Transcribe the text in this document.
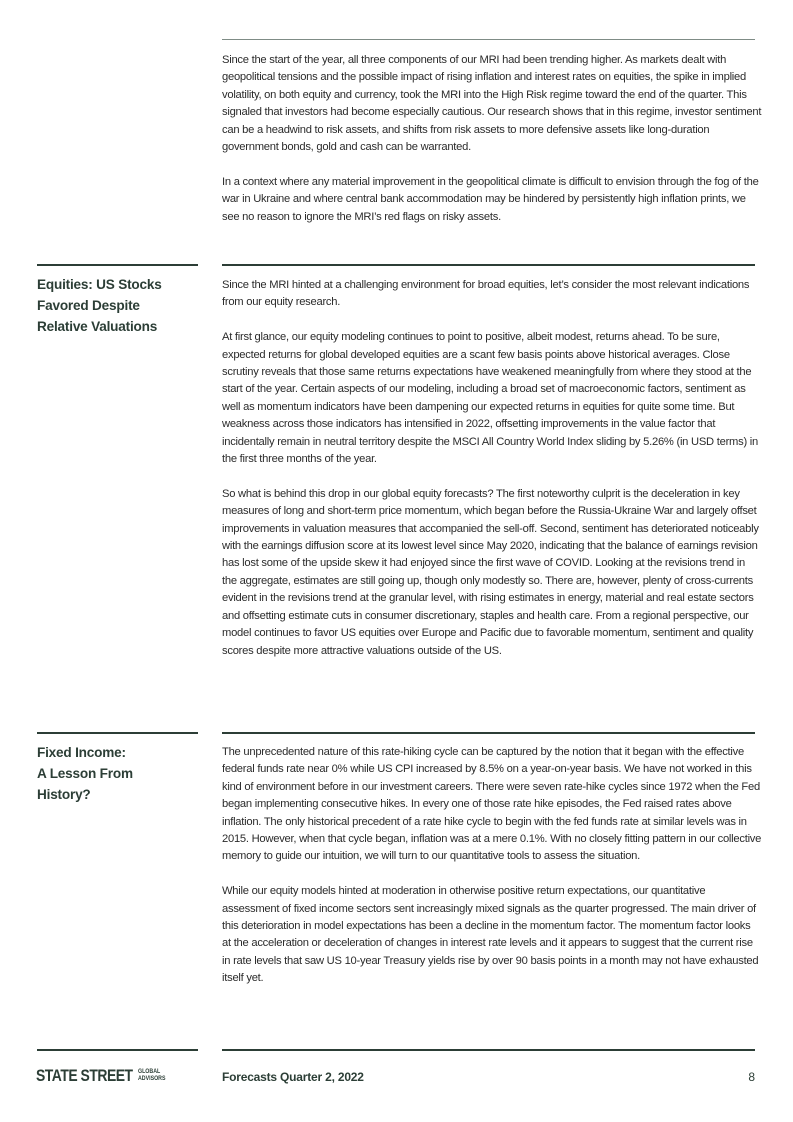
Since the start of the year, all three components of our MRI had been trending higher. As markets dealt with geopolitical tensions and the possible impact of rising inflation and interest rates on equities, the spike in implied volatility, on both equity and currency, took the MRI into the High Risk regime toward the end of the quarter. This signaled that investors had become especially cautious. Our research shows that in this regime, investor sentiment can be a headwind to risk assets, and shifts from risk assets to more defensive assets like long-duration government bonds, gold and cash can be warranted.

In a context where any material improvement in the geopolitical climate is difficult to envision through the fog of the war in Ukraine and where central bank accommodation may be hindered by persistently high inflation prints, we see no reason to ignore the MRI’s red flags on risky assets.

Equities: US Stocks
Favored Despite
Relative Valuations

Since the MRI hinted at a challenging environment for broad equities, let’s consider the most relevant indications from our equity research.

At first glance, our equity modeling continues to point to positive, albeit modest, returns ahead. To be sure, expected returns for global developed equities are a scant few basis points above historical averages. Close scrutiny reveals that those same returns expectations have weakened meaningfully from where they stood at the start of the year. Certain aspects of our modeling, including a broad set of macroeconomic factors, sentiment as well as momentum indicators have been dampening our expected returns in equities for quite some time. But weakness across those indicators has intensified in 2022, offsetting improvements in the value factor that incidentally remain in neutral territory despite the MSCI All Country World Index sliding by 5.26% (in USD terms) in the first three months of the year.

So what is behind this drop in our global equity forecasts? The first noteworthy culprit is the deceleration in key measures of long and short-term price momentum, which began before the Russia-Ukraine War and largely offset improvements in valuation measures that accompanied the sell-off. Second, sentiment has deteriorated noticeably with the earnings diffusion score at its lowest level since May 2020, indicating that the balance of earnings revision has lost some of the upside skew it had enjoyed since the first wave of COVID. Looking at the revisions trend in the aggregate, estimates are still going up, though only modestly so. There are, however, plenty of cross-currents evident in the revisions trend at the granular level, with rising estimates in energy, material and real estate sectors and offsetting estimate cuts in consumer discretionary, staples and health care. From a regional perspective, our model continues to favor US equities over Europe and Pacific due to favorable momentum, sentiment and quality scores despite more attractive valuations outside of the US.

Fixed Income:
A Lesson From
History?

The unprecedented nature of this rate-hiking cycle can be captured by the notion that it began with the effective federal funds rate near 0% while US CPI increased by 8.5% on a year-on-year basis. We have not worked in this kind of environment before in our investment careers. There were seven rate-hike cycles since 1972 when the Fed began implementing consecutive hikes. In every one of those rate hike episodes, the Fed raised rates above inflation. The only historical precedent of a rate hike cycle to begin with the fed funds rate at similar levels was in 2015. However, when that cycle began, inflation was at a mere 0.1%. With no closely fitting pattern in our collective memory to guide our intuition, we will turn to our quantitative tools to assess the situation.

While our equity models hinted at moderation in otherwise positive return expectations, our quantitative assessment of fixed income sectors sent increasingly mixed signals as the quarter progressed. The main driver of this deterioration in model expectations has been a decline in the momentum factor. The momentum factor looks at the acceleration or deceleration of changes in interest rate levels and it appears to suggest that the current rise in rate levels that saw US 10-year Treasury yields rise by over 90 basis points in a month may not have exhausted itself yet.

STATE STREET GLOBAL
ADVISORS	Forecasts Quarter 2, 2022	8
